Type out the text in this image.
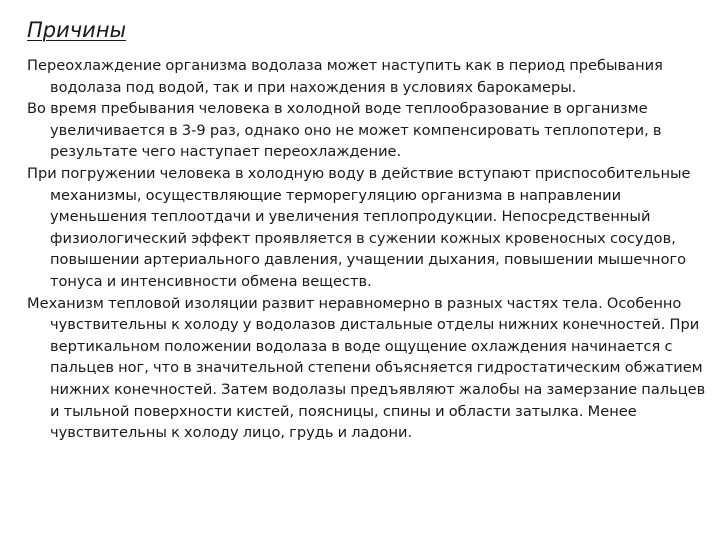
Причины

Переохлаждение организма водолаза может наступить как в период пребывания водолаза под водой, так и при нахождения в условиях барокамеры.

Во время пребывания человека в холодной воде теплообразование в организме увеличивается в 3-9 раз, однако оно не может компенсировать теплопотери, в результате чего наступает переохлаждение.

При погружении человека в холодную воду в действие вступают приспособительные механизмы, осуществляющие терморегуляцию организма в направлении уменьшения теплоотдачи и увеличения теплопродукции. Непосредственный физиологический эффект проявляется в сужении кожных кровеносных сосудов, повышении артериального давления, учащении дыхания, повышении мышечного тонуса и интенсивности обмена веществ.

Механизм тепловой изоляции развит неравномерно в разных частях тела. Особенно чувствительны к холоду у водолазов дистальные отделы нижних конечностей. При вертикальном положении водолаза в воде ощущение охлаждения начинается с пальцев ног, что в значительной степени объясняется гидростатическим обжатием нижних конечностей. Затем водолазы предъявляют жалобы на замерзание пальцев и тыльной поверхности кистей, поясницы, спины и области затылка. Менее чувствительны к холоду лицо, грудь и ладони.
